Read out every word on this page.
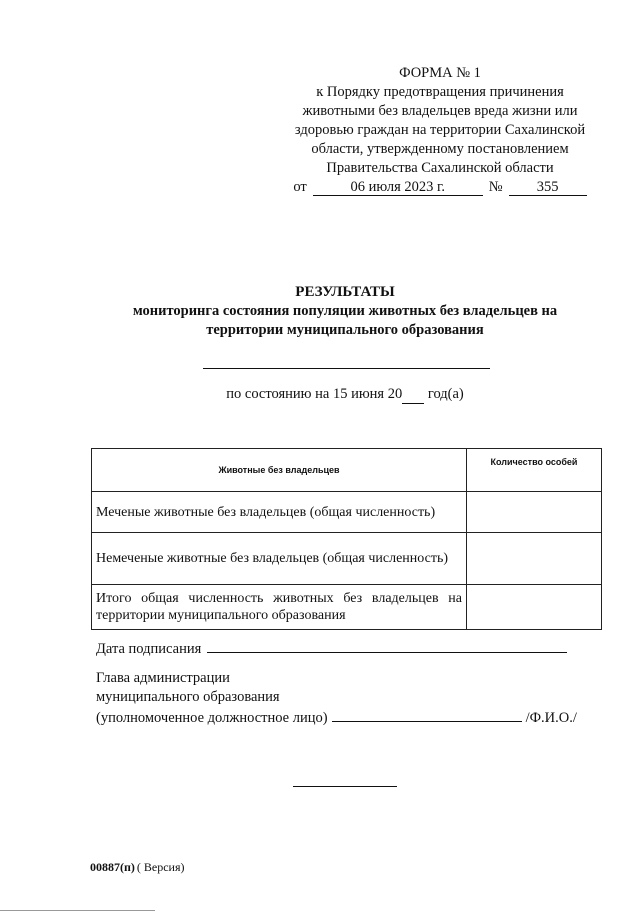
ФОРМА № 1
к Порядку предотвращения причинения
животными без владельцев вреда жизни или
здоровью граждан на территории Сахалинской
области, утвержденному постановлением
Правительства Сахалинской области
от	06 июля 2023 г.	№	355
РЕЗУЛЬТАТЫ
мониторинга состояния популяции животных без владельцев на
территории муниципального образования
по состоянию на 15 июня 20 год(а)
Животные без владельцев	Количество особей
Меченые животные без владельцев (общая численность)	
Немеченые животные без владельцев (общая численность)	
Итого общая численность животных без владельцев на территории муниципального образования	
Дата подписания
Глава администрации
муниципального образования
(уполномоченное должностное лицо)	/Ф.И.О./
00887(п) ( Версия)
